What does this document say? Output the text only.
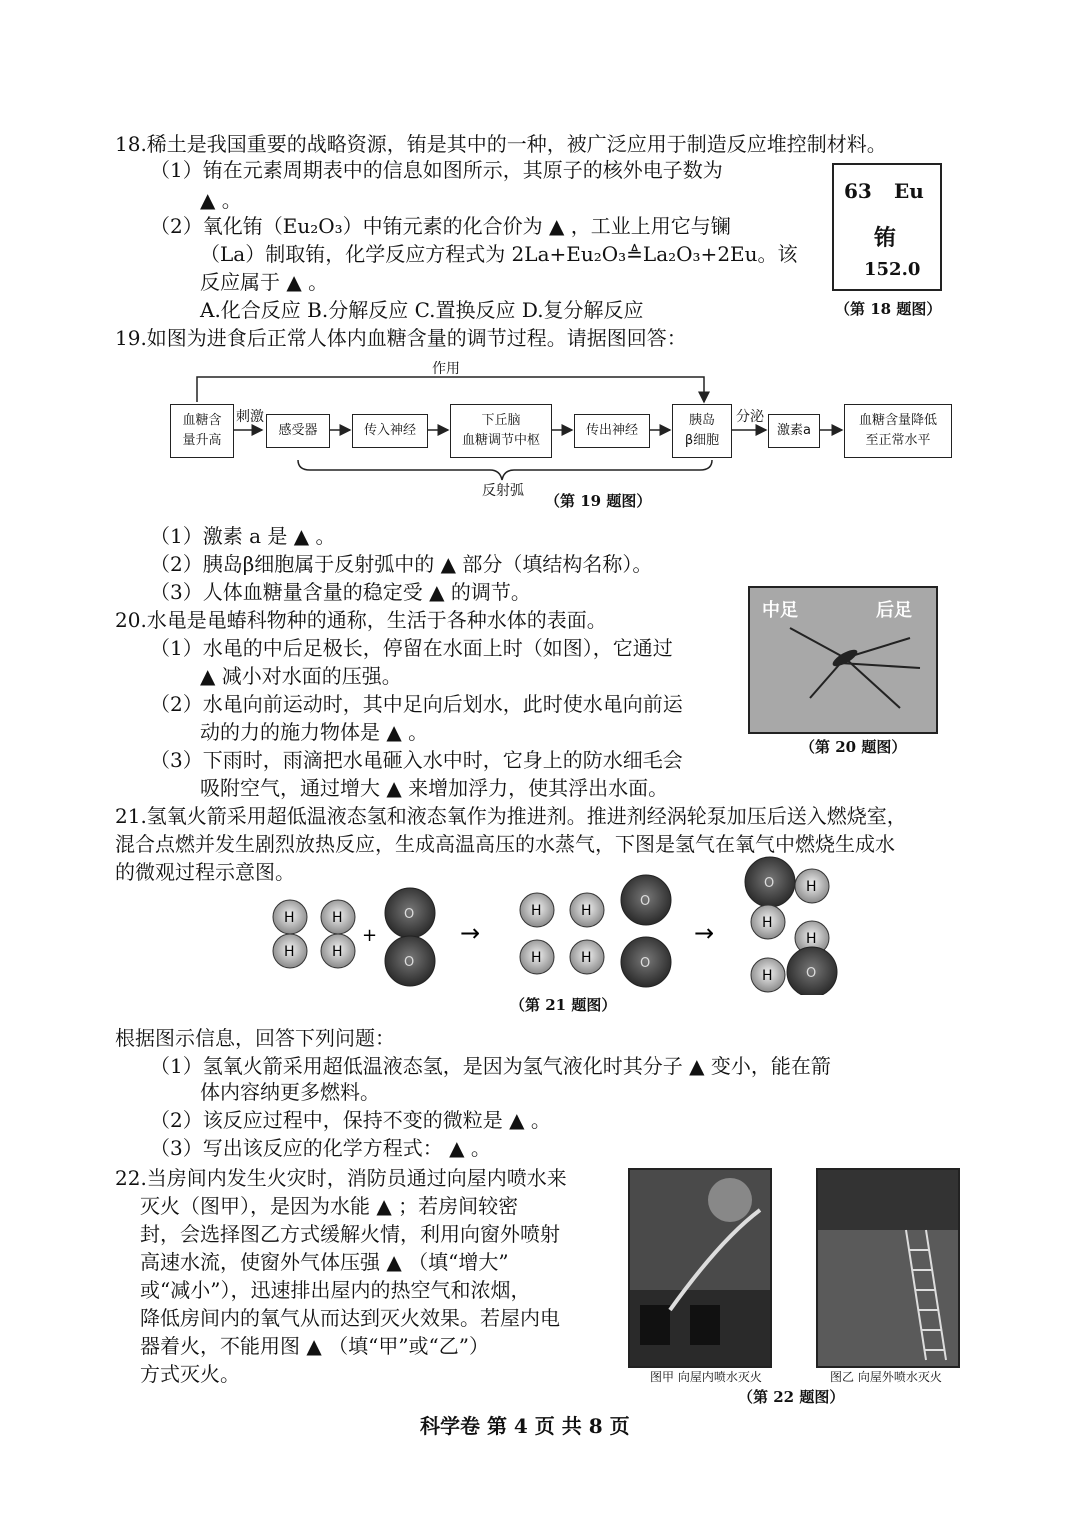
18.稀土是我国重要的战略资源，铕是其中的一种，被广泛应用于制造反应堆控制材料。
（1）铕在元素周期表中的信息如图所示，其原子的核外电子数为
▲ 。
（2）氧化铕（Eu₂O₃）中铕元素的化合价为 ▲ ，工业上用它与镧
（La）制取铕，化学反应方程式为 2La+Eu₂O₃≜La₂O₃+2Eu。该
反应属于 ▲ 。
A.化合反应 B.分解反应 C.置换反应 D.复分解反应
63 Eu
铕
152.0
（第 18 题图）
19.如图为进食后正常人体内血糖含量的调节过程。请据图回答：
作用
血糖含
量升高
刺激
感受器	传入神经
下丘脑
血糖调节中枢
传出神经
胰岛
β细胞
分泌
激素a
血糖含量降低
至正常水平
反射弧
（第 19 题图）
（1）激素 a 是 ▲ 。
（2）胰岛β细胞属于反射弧中的 ▲ 部分（填结构名称）。
（3）人体血糖量含量的稳定受 ▲ 的调节。
20.水黾是黾蝽科物种的通称，生活于各种水体的表面。
（1）水黾的中后足极长，停留在水面上时（如图），它通过
▲ 减小对水面的压强。
（2）水黾向前运动时，其中足向后划水，此时使水黾向前运
动的力的施力物体是 ▲ 。
（3）下雨时，雨滴把水黾砸入水中时，它身上的防水细毛会
吸附空气，通过增大 ▲ 来增加浮力，使其浮出水面。
中足	后足
（第 20 题图）
21.氢氧火箭采用超低温液态氢和液态氧作为推进剂。推进剂经涡轮泵加压后送入燃烧室，
混合点燃并发生剧烈放热反应，生成高温高压的水蒸气，下图是氢气在氧气中燃烧生成水
的微观过程示意图。
H	H
H	H
+
O
O
→
H	H
H	H
O
O
→
O H
H
H
O
H
（第 21 题图）
根据图示信息，回答下列问题：
（1）氢氧火箭采用超低温液态氢，是因为氢气液化时其分子 ▲ 变小，能在箭
体内容纳更多燃料。
（2）该反应过程中，保持不变的微粒是 ▲ 。
（3）写出该反应的化学方程式： ▲ 。
22.当房间内发生火灾时，消防员通过向屋内喷水来
灭火（图甲），是因为水能 ▲ ；若房间较密
封，会选择图乙方式缓解火情，利用向窗外喷射
高速水流，使窗外气体压强 ▲ （填“增大”
或“减小”），迅速排出屋内的热空气和浓烟，
降低房间内的氧气从而达到灭火效果。若屋内电
器着火，不能用图 ▲ （填“甲”或“乙”）
方式灭火。	图甲 向屋内喷水灭火	图乙 向屋外喷水灭火
（第 22 题图）
科学卷 第 4 页 共 8 页
